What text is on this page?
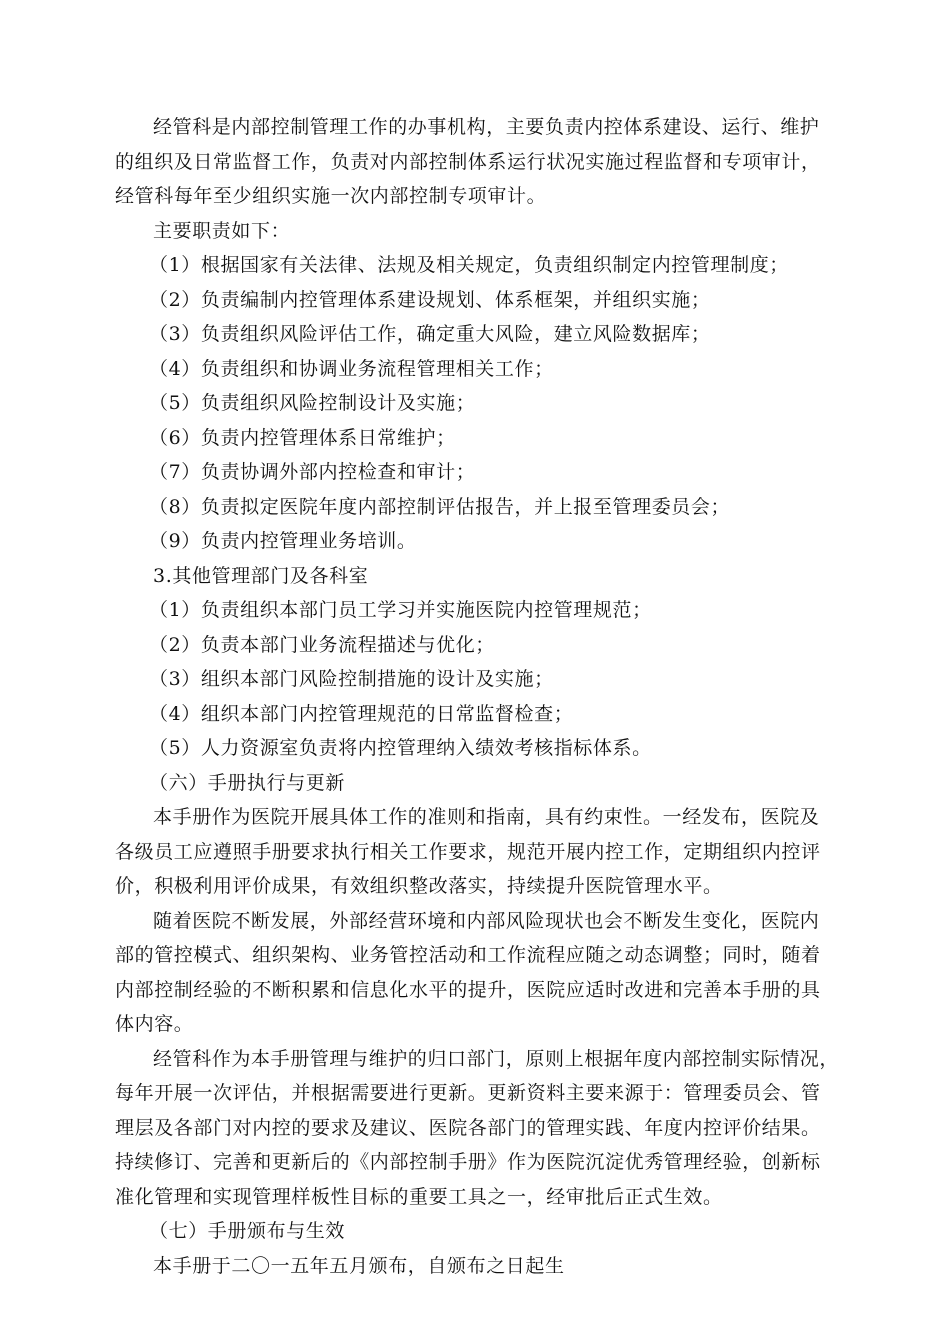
经管科是内部控制管理工作的办事机构，主要负责内控体系建设、运行、维护
的组织及日常监督工作，负责对内部控制体系运行状况实施过程监督和专项审计，
经管科每年至少组织实施一次内部控制专项审计。
主要职责如下：
（1）根据国家有关法律、法规及相关规定，负责组织制定内控管理制度；
（2）负责编制内控管理体系建设规划、体系框架，并组织实施；
（3）负责组织风险评估工作，确定重大风险，建立风险数据库；
（4）负责组织和协调业务流程管理相关工作；
（5）负责组织风险控制设计及实施；
（6）负责内控管理体系日常维护；
（7）负责协调外部内控检查和审计；
（8）负责拟定医院年度内部控制评估报告，并上报至管理委员会；
（9）负责内控管理业务培训。
3.其他管理部门及各科室
（1）负责组织本部门员工学习并实施医院内控管理规范；
（2）负责本部门业务流程描述与优化；
（3）组织本部门风险控制措施的设计及实施；
（4）组织本部门内控管理规范的日常监督检查；
（5）人力资源室负责将内控管理纳入绩效考核指标体系。
（六）手册执行与更新
本手册作为医院开展具体工作的准则和指南，具有约束性。一经发布，医院及
各级员工应遵照手册要求执行相关工作要求，规范开展内控工作，定期组织内控评
价，积极利用评价成果，有效组织整改落实，持续提升医院管理水平。
随着医院不断发展，外部经营环境和内部风险现状也会不断发生变化，医院内
部的管控模式、组织架构、业务管控活动和工作流程应随之动态调整；同时，随着
内部控制经验的不断积累和信息化水平的提升，医院应适时改进和完善本手册的具
体内容。
经管科作为本手册管理与维护的归口部门，原则上根据年度内部控制实际情况，
每年开展一次评估，并根据需要进行更新。更新资料主要来源于：管理委员会、管
理层及各部门对内控的要求及建议、医院各部门的管理实践、年度内控评价结果。
持续修订、完善和更新后的《内部控制手册》作为医院沉淀优秀管理经验，创新标
准化管理和实现管理样板性目标的重要工具之一，经审批后正式生效。
（七）手册颁布与生效
本手册于二〇一五年五月颁布，自颁布之日起生
